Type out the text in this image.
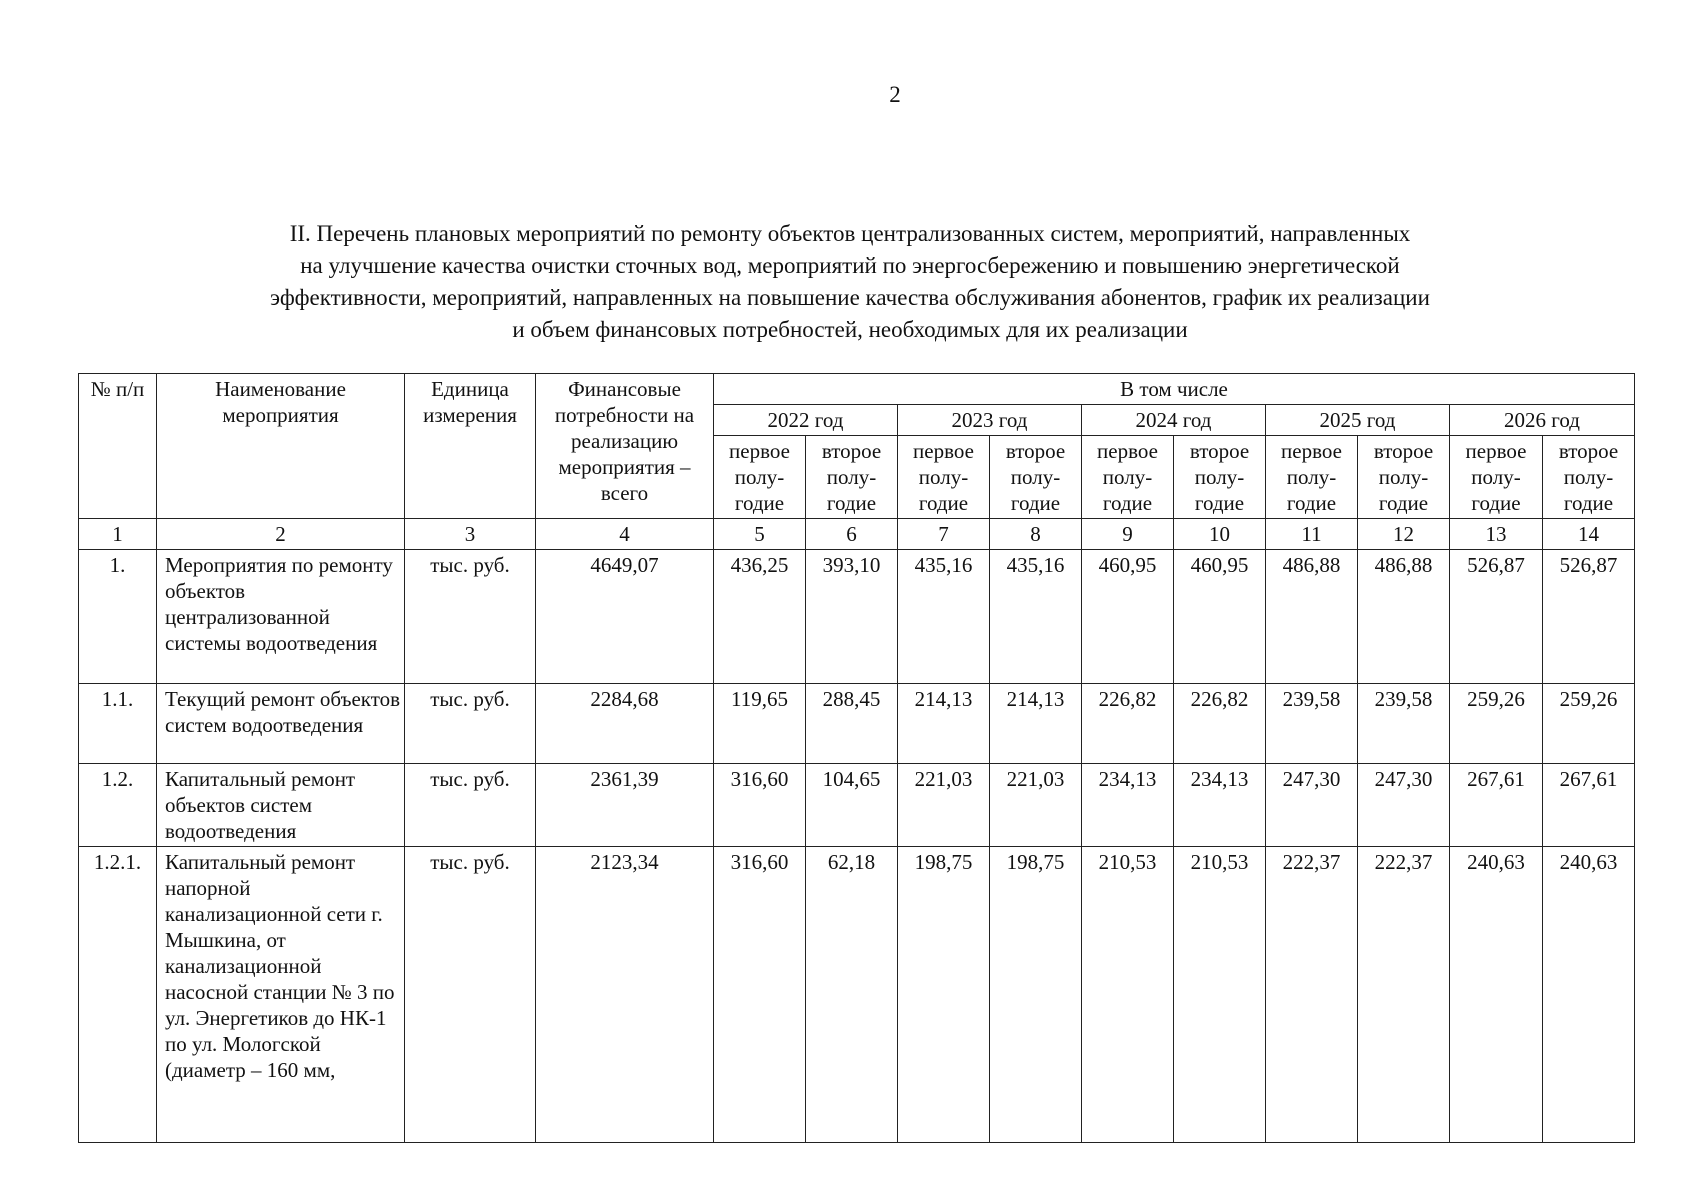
2
II. Перечень плановых мероприятий по ремонту объектов централизованных систем, мероприятий, направленных
на улучшение качества очистки сточных вод, мероприятий по энергосбережению и повышению энергетической
эффективности, мероприятий, направленных на повышение качества обслуживания абонентов, график их реализации
и объем финансовых потребностей, необходимых для их реализации
№ п/п	Наименование мероприятия	Единица измерения	Финансовые потребности на реализацию мероприятия – всего	В том числе									
				2022 год		2023 год		2024 год		2025 год		2026 год	
				первое полу-годие	второе полу-годие	первое полу-годие	второе полу-годие	первое полу-годие	второе полу-годие	первое полу-годие	второе полу-годие	первое полу-годие	второе полу-годие
1	2	3	4	5	6	7	8	9	10	11	12	13	14
1.	Мероприятия по ремонту объектов централизованной системы водоотведения	тыс. руб.	4649,07	436,25	393,10	435,16	435,16	460,95	460,95	486,88	486,88	526,87	526,87
1.1.	Текущий ремонт объектов систем водоотведения	тыс. руб.	2284,68	119,65	288,45	214,13	214,13	226,82	226,82	239,58	239,58	259,26	259,26
1.2.	Капитальный ремонт объектов систем водоотведения	тыс. руб.	2361,39	316,60	104,65	221,03	221,03	234,13	234,13	247,30	247,30	267,61	267,61
1.2.1.	Капитальный ремонт напорной канализационной сети г. Мышкина, от канализационной насосной станции № 3 по ул. Энергетиков до НК-1 по ул. Мологской (диаметр – 160 мм,	тыс. руб.	2123,34	316,60	62,18	198,75	198,75	210,53	210,53	222,37	222,37	240,63	240,63
